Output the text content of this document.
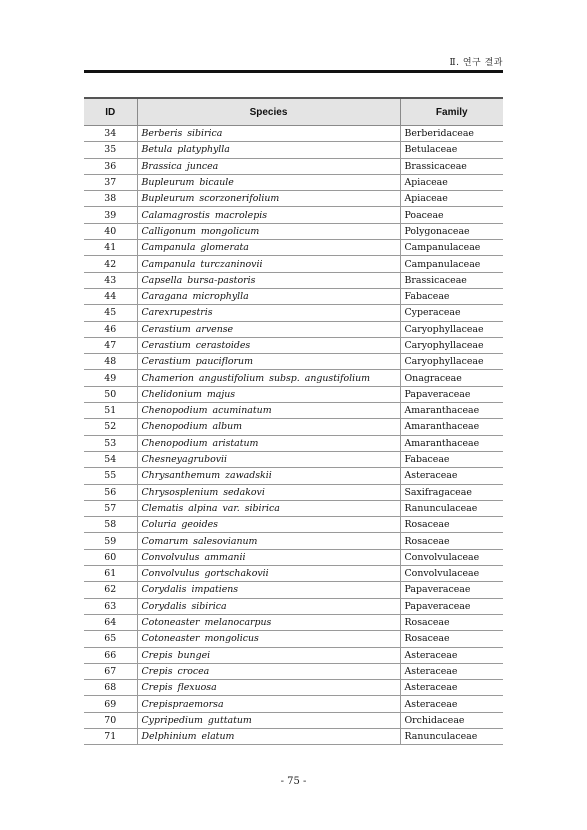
Ⅱ. 연구 결과
ID	Species	Family
34	Berberis sibirica	Berberidaceae
35	Betula platyphylla	Betulaceae
36	Brassica juncea	Brassicaceae
37	Bupleurum bicaule	Apiaceae
38	Bupleurum scorzonerifolium	Apiaceae
39	Calamagrostis macrolepis	Poaceae
40	Calligonum mongolicum	Polygonaceae
41	Campanula glomerata	Campanulaceae
42	Campanula turczaninovii	Campanulaceae
43	Capsella bursa-pastoris	Brassicaceae
44	Caragana microphylla	Fabaceae
45	Carexrupestris	Cyperaceae
46	Cerastium arvense	Caryophyllaceae
47	Cerastium cerastoides	Caryophyllaceae
48	Cerastium pauciflorum	Caryophyllaceae
49	Chamerion angustifolium subsp. angustifolium	Onagraceae
50	Chelidonium majus	Papaveraceae
51	Chenopodium acuminatum	Amaranthaceae
52	Chenopodium album	Amaranthaceae
53	Chenopodium aristatum	Amaranthaceae
54	Chesneyagrubovii	Fabaceae
55	Chrysanthemum zawadskii	Asteraceae
56	Chrysosplenium sedakovi	Saxifragaceae
57	Clematis alpina var. sibirica	Ranunculaceae
58	Coluria geoides	Rosaceae
59	Comarum salesovianum	Rosaceae
60	Convolvulus ammanii	Convolvulaceae
61	Convolvulus gortschakovii	Convolvulaceae
62	Corydalis impatiens	Papaveraceae
63	Corydalis sibirica	Papaveraceae
64	Cotoneaster melanocarpus	Rosaceae
65	Cotoneaster mongolicus	Rosaceae
66	Crepis bungei	Asteraceae
67	Crepis crocea	Asteraceae
68	Crepis flexuosa	Asteraceae
69	Crepispraemorsa	Asteraceae
70	Cypripedium guttatum	Orchidaceae
71	Delphinium elatum	Ranunculaceae
- 75 -
